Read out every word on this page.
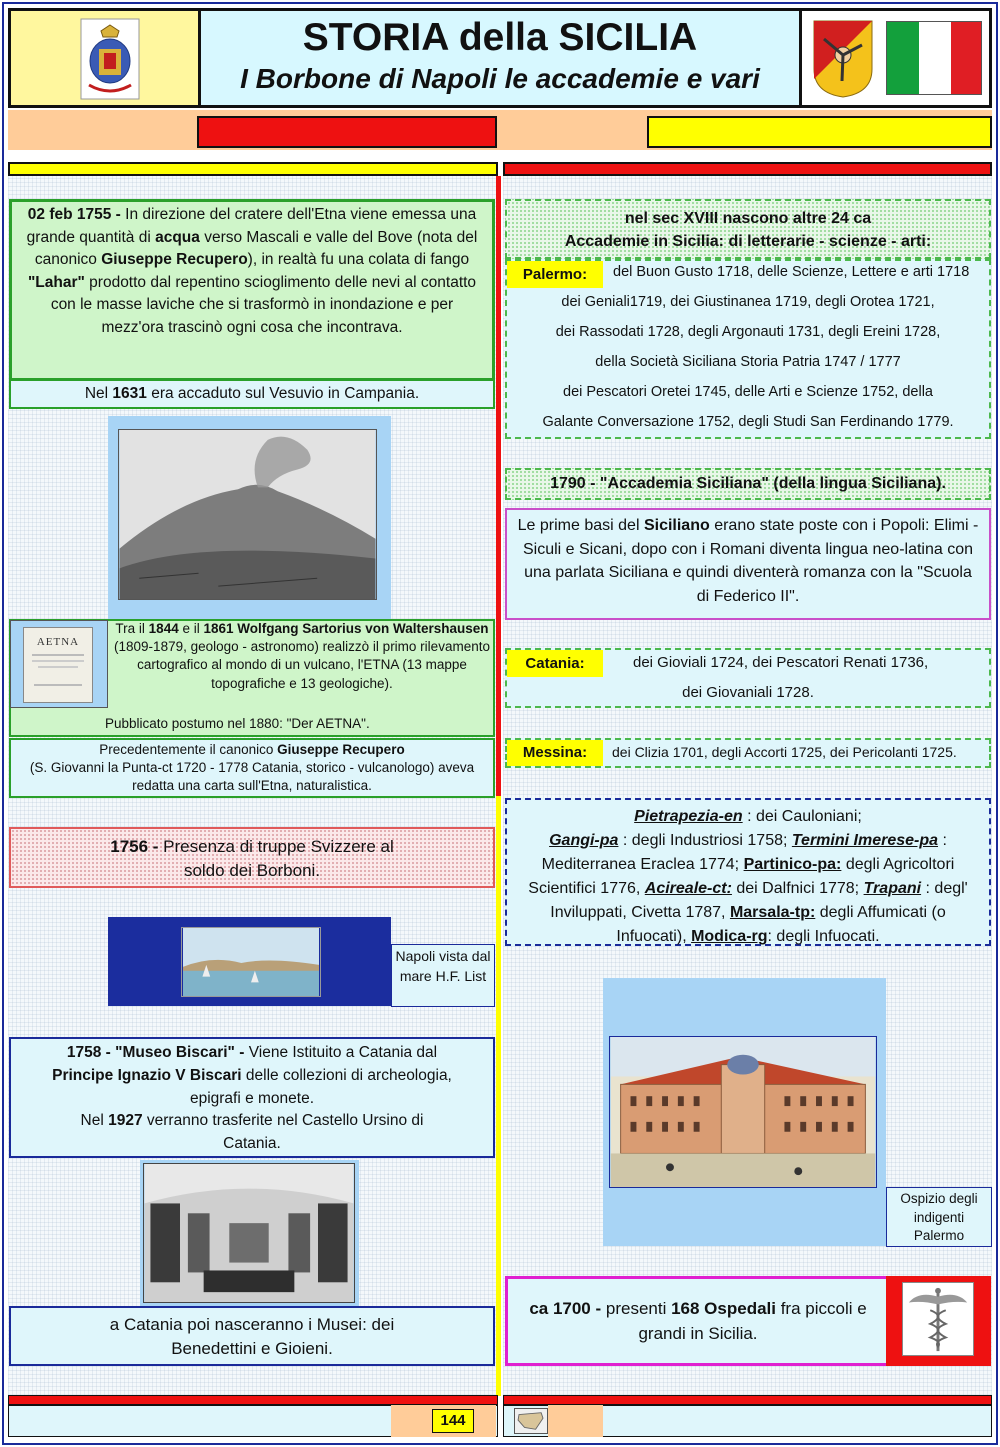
STORIA della SICILIA
I Borbone di Napoli le accademie e vari
02 feb 1755 - In direzione del cratere dell'Etna viene emessa una grande quantità di acqua verso Mascali e valle del Bove (nota del canonico Giuseppe Recupero), in realtà fu una colata di fango "Lahar" prodotto dal repentino scioglimento delle nevi al contatto con le masse laviche che si trasformò in inondazione e per mezz'ora trascinò ogni cosa che incontrava.
Nel 1631 era accaduto sul Vesuvio in Campania.
AETNA
Tra il 1844 e il 1861 Wolfgang Sartorius von Waltershausen (1809-1879, geologo - astronomo) realizzò il primo rilevamento cartografico al mondo di un vulcano, l'ETNA (13 mappe topografiche e 13 geologiche).
Pubblicato postumo nel 1880: "Der AETNA".
Precedentemente il canonico Giuseppe Recupero
(S. Giovanni la Punta-ct 1720 - 1778 Catania, storico - vulcanologo) aveva redatta una carta sull'Etna, naturalistica.
1756 - Presenza di truppe Svizzere al soldo dei Borboni.
Napoli vista dal mare H.F. List
1758 - "Museo Biscari" - Viene Istituito a Catania dal Principe Ignazio V Biscari delle collezioni di archeologia, epigrafi e monete.
Nel 1927 verranno trasferite nel Castello Ursino di Catania.
a Catania poi nasceranno i Musei: dei Benedettini e Gioieni.
144
nel sec XVIII nascono altre 24 ca
Accademie in Sicilia: di letterarie - scienze - arti:
Palermo:	del Buon Gusto 1718, delle Scienze, Lettere e arti 1718
dei Geniali1719, dei Giustinanea 1719, degli Orotea 1721,
dei Rassodati 1728, degli Argonauti 1731, degli Ereini 1728,
della Società Siciliana Storia Patria 1747 / 1777
dei Pescatori Oretei 1745, delle Arti e Scienze 1752, della
Galante Conversazione 1752, degli Studi San Ferdinando 1779.
1790 - "Accademia Siciliana" (della lingua Siciliana).
Le prime basi del Siciliano erano state poste con i Popoli: Elimi - Siculi e Sicani, dopo con i Romani diventa lingua neo-latina con una parlata Siciliana e quindi diventerà romanza con la "Scuola di Federico II".
Catania:	dei Gioviali 1724, dei Pescatori Renati 1736,
dei Giovaniali 1728.
Messina:	dei Clizia 1701, degli Accorti 1725, dei Pericolanti 1725.
Pietrapezia-en : dei Cauloniani;
Gangi-pa : degli Industriosi 1758; Termini Imerese-pa : Mediterranea Eraclea 1774; Partinico-pa: degli Agricoltori Scientifici 1776, Acireale-ct: dei Dalfnici 1778; Trapani : degl' Inviluppati, Civetta 1787, Marsala-tp: degli Affumicati (o Infuocati), Modica-rg: degli Infuocati.
Ospizio degli indigenti Palermo
ca 1700 - presenti 168 Ospedali fra piccoli e grandi in Sicilia.
